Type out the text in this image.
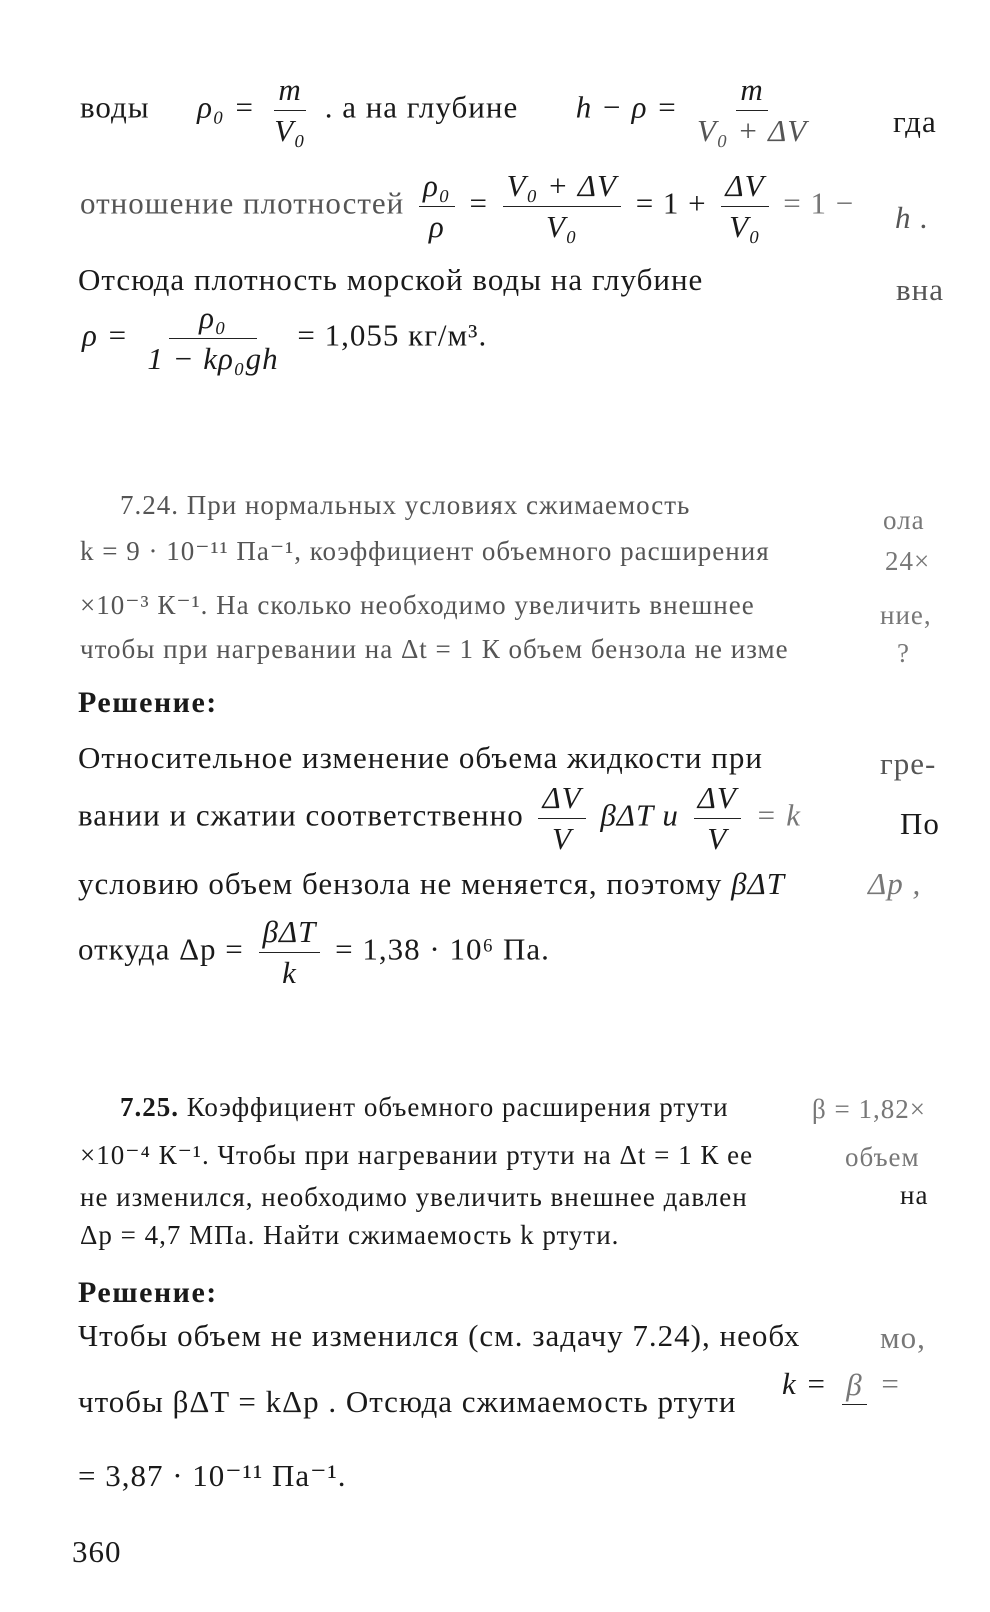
воды $\rho_0 = \frac{m}{\text{V₀}}$ . а на глубине $h - \rho = \frac{m}{\text{V₀ + ΔV}}$	гда
отношение плотностей $\frac{\text{ρ₀}}{\rho} = \frac{\text{V₀ + ΔV}}{\text{V₀}} = 1 + \frac{\Delta V}{\text{V₀}} = 1 - h$ .
Отсюда плотность морской воды на глубине	вна
$\rho = \frac{\text{ρ₀}}{\text{1 − kρ₀gh}} = 1,055$ кг/м³.
7.24. При нормальных условиях сжимаемость	ола
k = 9 · 10⁻¹¹ Па⁻¹, коэффициент объемного расширения	24×
×10⁻³ К⁻¹. На сколько необходимо увеличить внешнее	ние,
чтобы при нагревании на Δt = 1 К объем бензола не изме	?
Решение:
Относительное изменение объема жидкости при	гре-
вании и сжатии соответственно $\frac{\Delta V}{V}$ βΔT и $\frac{\Delta V}{V} = k$	По
условию объем бензола не меняется, поэтому βΔT	Δp ,
откуда $\Delta p = \frac{\text{βΔT}}{k} = 1,38 \cdot 10^6$ Па.
7.25. Коэффициент объемного расширения ртути	β = 1,82×
×10⁻⁴ К⁻¹. Чтобы при нагревании ртути на Δt = 1 К ее	объем
не изменился, необходимо увеличить внешнее давлен	на
Δp = 4,7 МПа. Найти сжимаемость k ртути.
Решение:
Чтобы объем не изменился (см. задачу 7.24), необх	мо,
чтобы βΔT = kΔp . Отсюда сжимаемость ртути
k = β =
= 3,87 · 10⁻¹¹ Па⁻¹.
360
